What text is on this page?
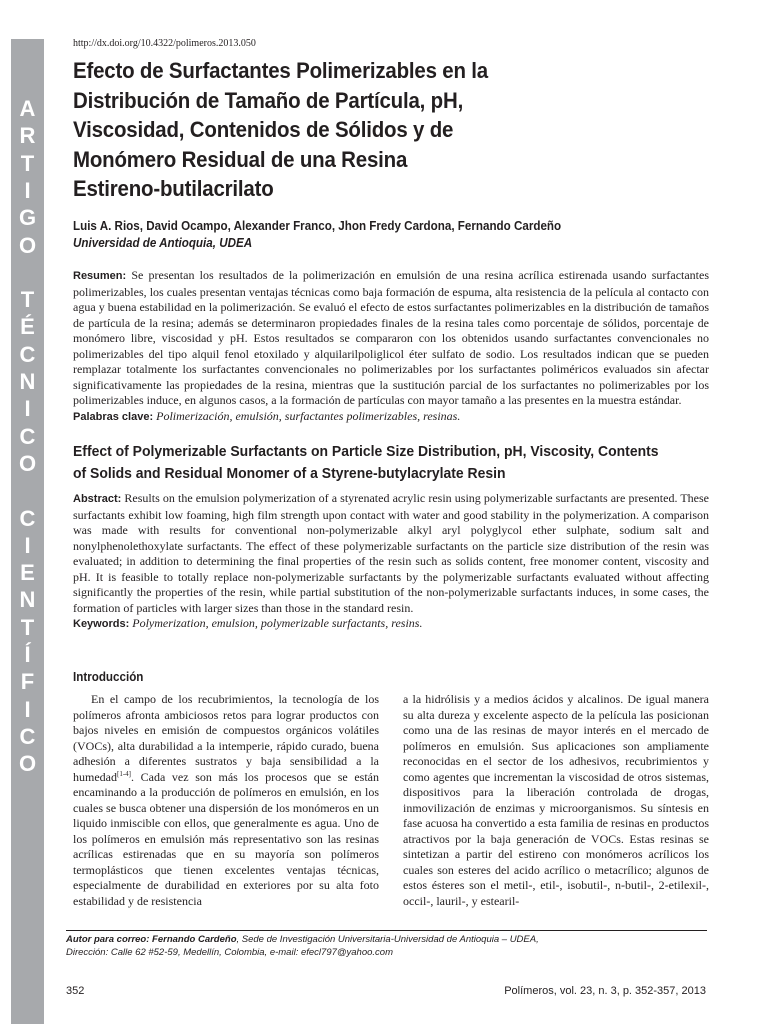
A
R
T
I
G
O
T
É
C
N
I
C
O
C
I
E
N
T
Í
F
I
C
O
http://dx.doi.org/10.4322/polimeros.2013.050
Efecto de Surfactantes Polimerizables en la
Distribución de Tamaño de Partícula, pH,
Viscosidad, Contenidos de Sólidos y de
Monómero Residual de una Resina
Estireno-butilacrilato
Luis A. Rios, David Ocampo, Alexander Franco, Jhon Fredy Cardona, Fernando Cardeño
Universidad de Antioquia, UDEA

Resumen: Se presentan los resultados de la polimerización en emulsión de una resina acrílica estirenada usando surfactantes polimerizables, los cuales presentan ventajas técnicas como baja formación de espuma, alta resistencia de la película al contacto con agua y buena estabilidad en la polimerización. Se evaluó el efecto de estos surfactantes polimerizables en la distribución de tamaños de partícula de la resina; además se determinaron propiedades finales de la resina tales como porcentaje de sólidos, porcentaje de monómero libre, viscosidad y pH. Estos resultados se compararon con los obtenidos usando surfactantes convencionales no polimerizables del tipo alquil fenol etoxilado y alquilarilpoliglicol éter sulfato de sodio. Los resultados indican que se pueden remplazar totalmente los surfactantes convencionales no polimerizables por los surfactantes poliméricos evaluados sin afectar significativamente las propiedades de la resina, mientras que la sustitución parcial de los surfactantes no polimerizables por los polimerizables induce, en algunos casos, a la formación de partículas con mayor tamaño a las presentes en la muestra estándar.

Palabras clave: Polimerización, emulsión, surfactantes polimerizables, resinas.

Effect of Polymerizable Surfactants on Particle Size Distribution, pH, Viscosity, Contents
of Solids and Residual Monomer of a Styrene-butylacrylate Resin

Abstract: Results on the emulsion polymerization of a styrenated acrylic resin using polymerizable surfactants are presented. These surfactants exhibit low foaming, high film strength upon contact with water and good stability in the polymerization. A comparison was made with results for conventional non-polymerizable alkyl aryl polyglycol ether sulphate, sodium salt and nonylphenolethoxylate surfactants. The effect of these polymerizable surfactants on the particle size distribution of the resin was evaluated; in addition to determining the final properties of the resin such as solids content, free monomer content, viscosity and pH. It is feasible to totally replace non-polymerizable surfactants by the polymerizable surfactants evaluated without affecting significantly the properties of the resin, while partial substitution of the non-polymerizable surfactants induces, in some cases, the formation of particles with larger sizes than those in the standard resin.

Keywords: Polymerization, emulsion, polymerizable surfactants, resins.

Introducción
En el campo de los recubrimientos, la tecnología de los polímeros afronta ambiciosos retos para lograr productos con bajos niveles en emisión de compuestos orgánicos volátiles (VOCs), alta durabilidad a la intemperie, rápido curado, buena adhesión a diferentes sustratos y baja sensibilidad a la humedad[1-4]. Cada vez son más los procesos que se están encaminando a la producción de polímeros en emulsión, en los cuales se busca obtener una dispersión de los monómeros en un liquido inmiscible con ellos, que generalmente es agua. Uno de los polímeros en emulsión más representativo son las resinas acrílicas estirenadas que en su mayoría son polímeros termoplásticos que tienen excelentes ventajas técnicas, especialmente de durabilidad en exteriores por su alta foto estabilidad y de resistencia
a la hidrólisis y a medios ácidos y alcalinos. De igual manera su alta dureza y excelente aspecto de la película las posicionan como una de las resinas de mayor interés en el mercado de polímeros en emulsión. Sus aplicaciones son ampliamente reconocidas en el sector de los adhesivos, recubrimientos y como agentes que incrementan la viscosidad de otros sistemas, dispositivos para la liberación controlada de drogas, inmovilización de enzimas y microorganismos. Su síntesis en fase acuosa ha convertido a esta familia de resinas en productos atractivos por la baja generación de VOCs. Estas resinas se sintetizan a partir del estireno con monómeros acrílicos los cuales son esteres del acido acrílico o metacrílico; algunos de estos ésteres son el metil-, etil-, isobutil-, n-butil-, 2-etilexil-, occil-, lauril-, y estearil-
Autor para correo: Fernando Cardeño, Sede de Investigación Universitaria-Universidad de Antioquia – UDEA,
Dirección: Calle 62 #52-59, Medellín, Colombia, e-mail: efecl797@yahoo.com
352	Polímeros, vol. 23, n. 3, p. 352-357, 2013
